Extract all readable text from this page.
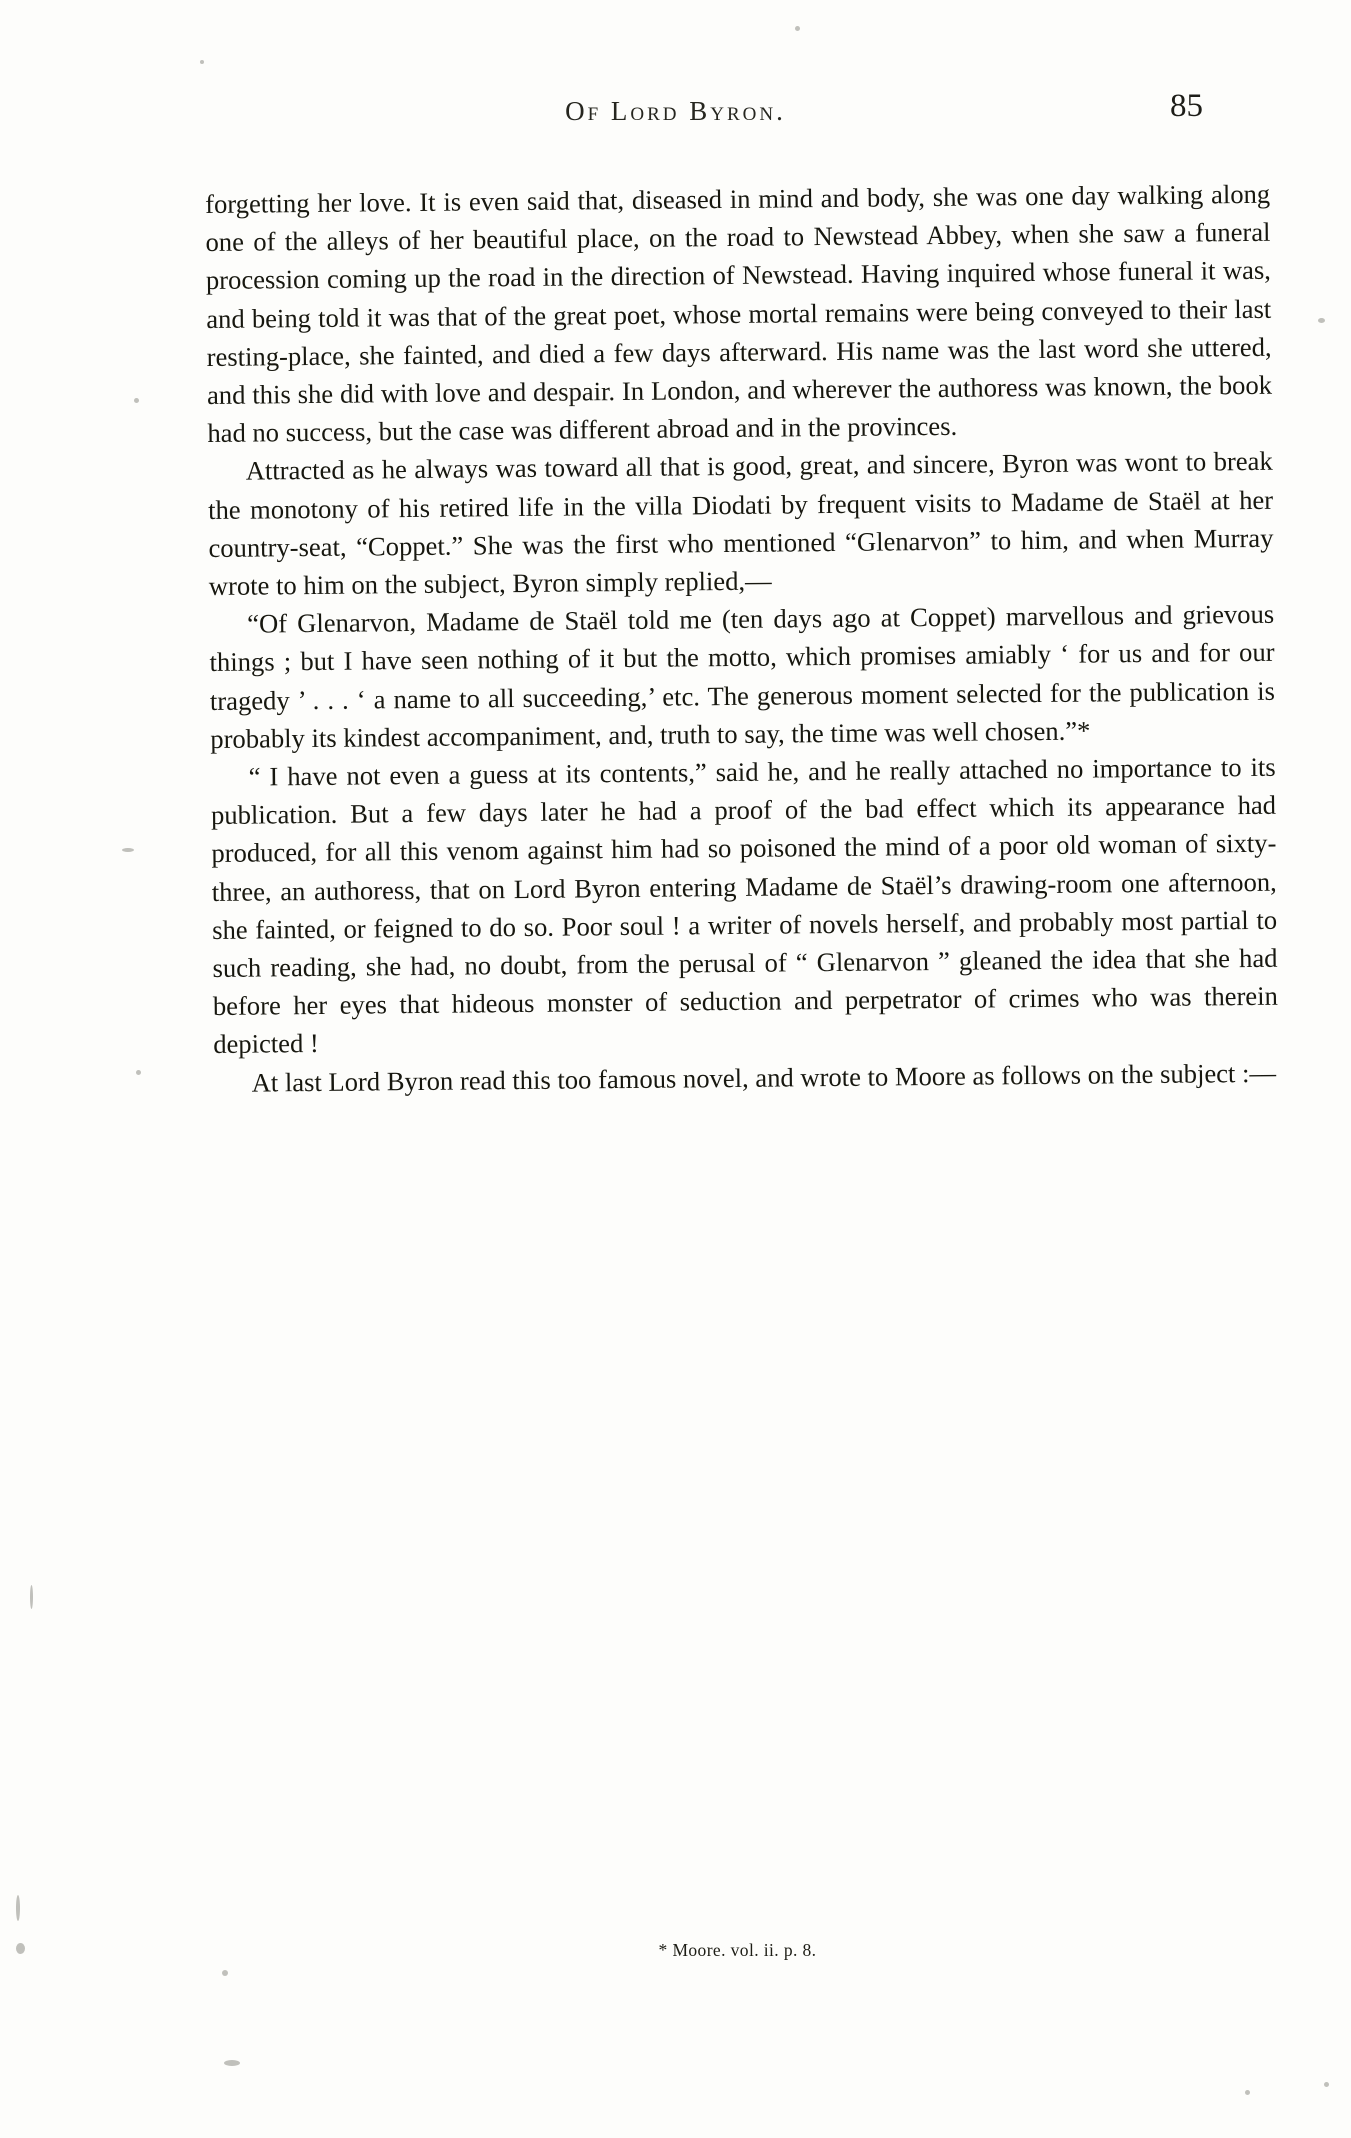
Of Lord Byron.	85

forgetting her love. It is even said that, diseased in mind and body, she was one day walking along one of the alleys of her beautiful place, on the road to Newstead Abbey, when she saw a funeral procession coming up the road in the direction of Newstead. Having inquired whose funeral it was, and being told it was that of the great poet, whose mortal remains were being conveyed to their last resting-place, she fainted, and died a few days afterward. His name was the last word she uttered, and this she did with love and despair. In London, and wherever the authoress was known, the book had no success, but the case was different abroad and in the provinces.

Attracted as he always was toward all that is good, great, and sincere, Byron was wont to break the monotony of his retired life in the villa Diodati by frequent visits to Madame de Staël at her country-seat, “Coppet.” She was the first who mentioned “Glenarvon” to him, and when Murray wrote to him on the subject, Byron simply replied,—

“Of Glenarvon, Madame de Staël told me (ten days ago at Coppet) marvellous and grievous things ; but I have seen nothing of it but the motto, which promises amiably ‘ for us and for our tragedy ’ . . . ‘ a name to all succeeding,’ etc. The generous moment selected for the publication is probably its kindest accompaniment, and, truth to say, the time was well chosen.”*

“ I have not even a guess at its contents,” said he, and he really attached no importance to its publication. But a few days later he had a proof of the bad effect which its appearance had produced, for all this venom against him had so poisoned the mind of a poor old woman of sixty-three, an authoress, that on Lord Byron entering Madame de Staël’s drawing-room one afternoon, she fainted, or feigned to do so. Poor soul ! a writer of novels herself, and probably most partial to such reading, she had, no doubt, from the perusal of “ Glenarvon ” gleaned the idea that she had before her eyes that hideous monster of seduction and perpetrator of crimes who was therein depicted !

At last Lord Byron read this too famous novel, and wrote to Moore as follows on the subject :—

* Moore. vol. ii. p. 8.
